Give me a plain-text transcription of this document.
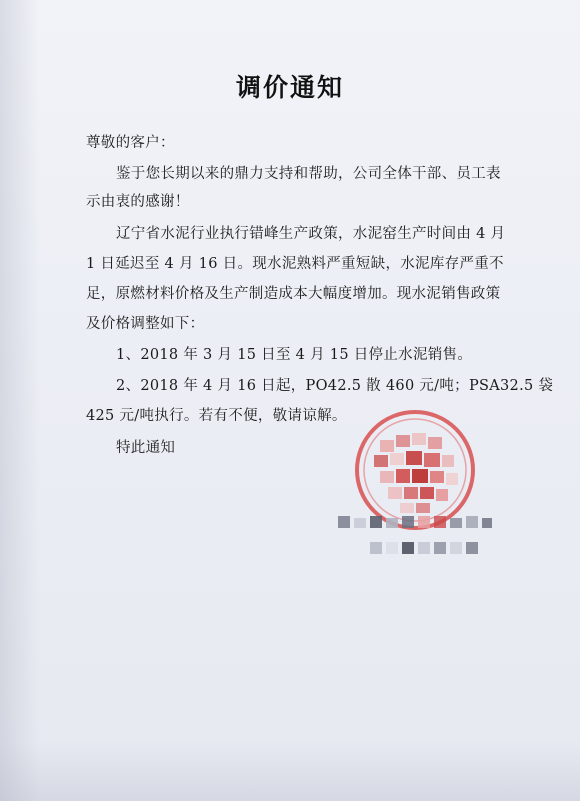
调价通知
尊敬的客户：
鉴于您长期以来的鼎力支持和帮助，公司全体干部、员工表
示由衷的感谢！
辽宁省水泥行业执行错峰生产政策，水泥窑生产时间由 4 月
1 日延迟至 4 月 16 日。现水泥熟料严重短缺，水泥库存严重不
足，原燃材料价格及生产制造成本大幅度增加。现水泥销售政策
及价格调整如下：
1、2018 年 3 月 15 日至 4 月 15 日停止水泥销售。
2、2018 年 4 月 16 日起，PO42.5 散 460 元/吨；PSA32.5 袋
425 元/吨执行。若有不便，敬请谅解。
特此通知
